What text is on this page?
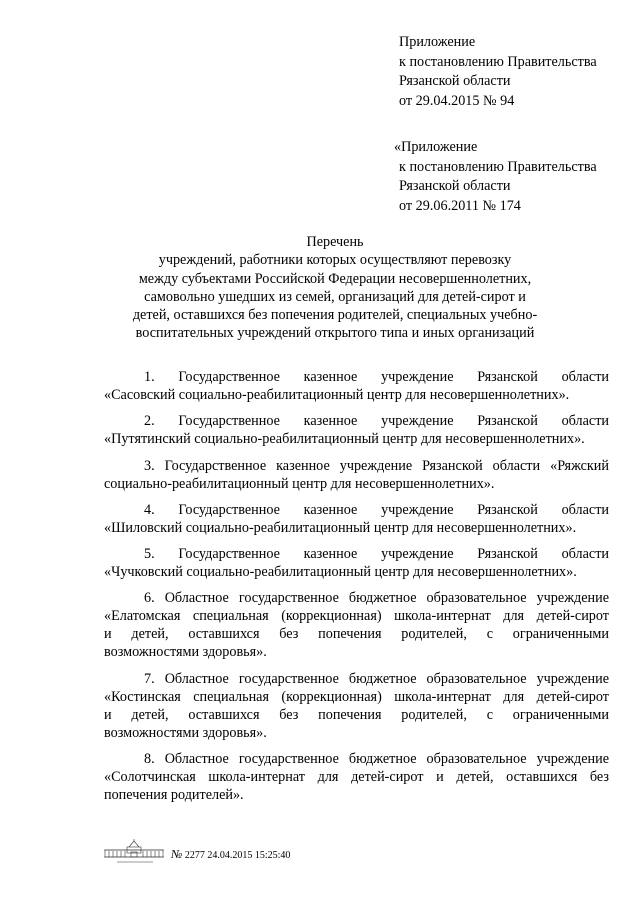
Приложение
к постановлению Правительства
Рязанской области
от 29.04.2015 № 94
«Приложение
к постановлению Правительства
Рязанской области
от 29.06.2011 № 174
Перечень
учреждений, работники которых осуществляют перевозку
между субъектами Российской Федерации несовершеннолетних,
самовольно ушедших из семей, организаций для детей-сирот и
детей, оставшихся без попечения родителей, специальных учебно-
воспитательных учреждений открытого типа и иных организаций
1. Государственное казенное учреждение Рязанской области
«Сасовский социально-реабилитационный центр для несовершеннолетних».
2. Государственное казенное учреждение Рязанской области
«Путятинский социально-реабилитационный центр для несовершеннолетних».
3. Государственное казенное учреждение Рязанской области «Ряжский
социально-реабилитационный центр для несовершеннолетних».
4. Государственное казенное учреждение Рязанской области
«Шиловский социально-реабилитационный центр для несовершеннолетних».
5. Государственное казенное учреждение Рязанской области
«Чучковский социально-реабилитационный центр для несовершеннолетних».
6. Областное государственное бюджетное образовательное учреждение
«Елатомская специальная (коррекционная) школа-интернат для детей-сирот
и детей, оставшихся без попечения родителей, с ограниченными
возможностями здоровья».
7. Областное государственное бюджетное образовательное учреждение
«Костинская специальная (коррекционная) школа-интернат для детей-сирот
и детей, оставшихся без попечения родителей, с ограниченными
возможностями здоровья».
8. Областное государственное бюджетное образовательное учреждение
«Солотчинская школа-интернат для детей-сирот и детей, оставшихся без
попечения родителей».
№ 2277 24.04.2015 15:25:40
